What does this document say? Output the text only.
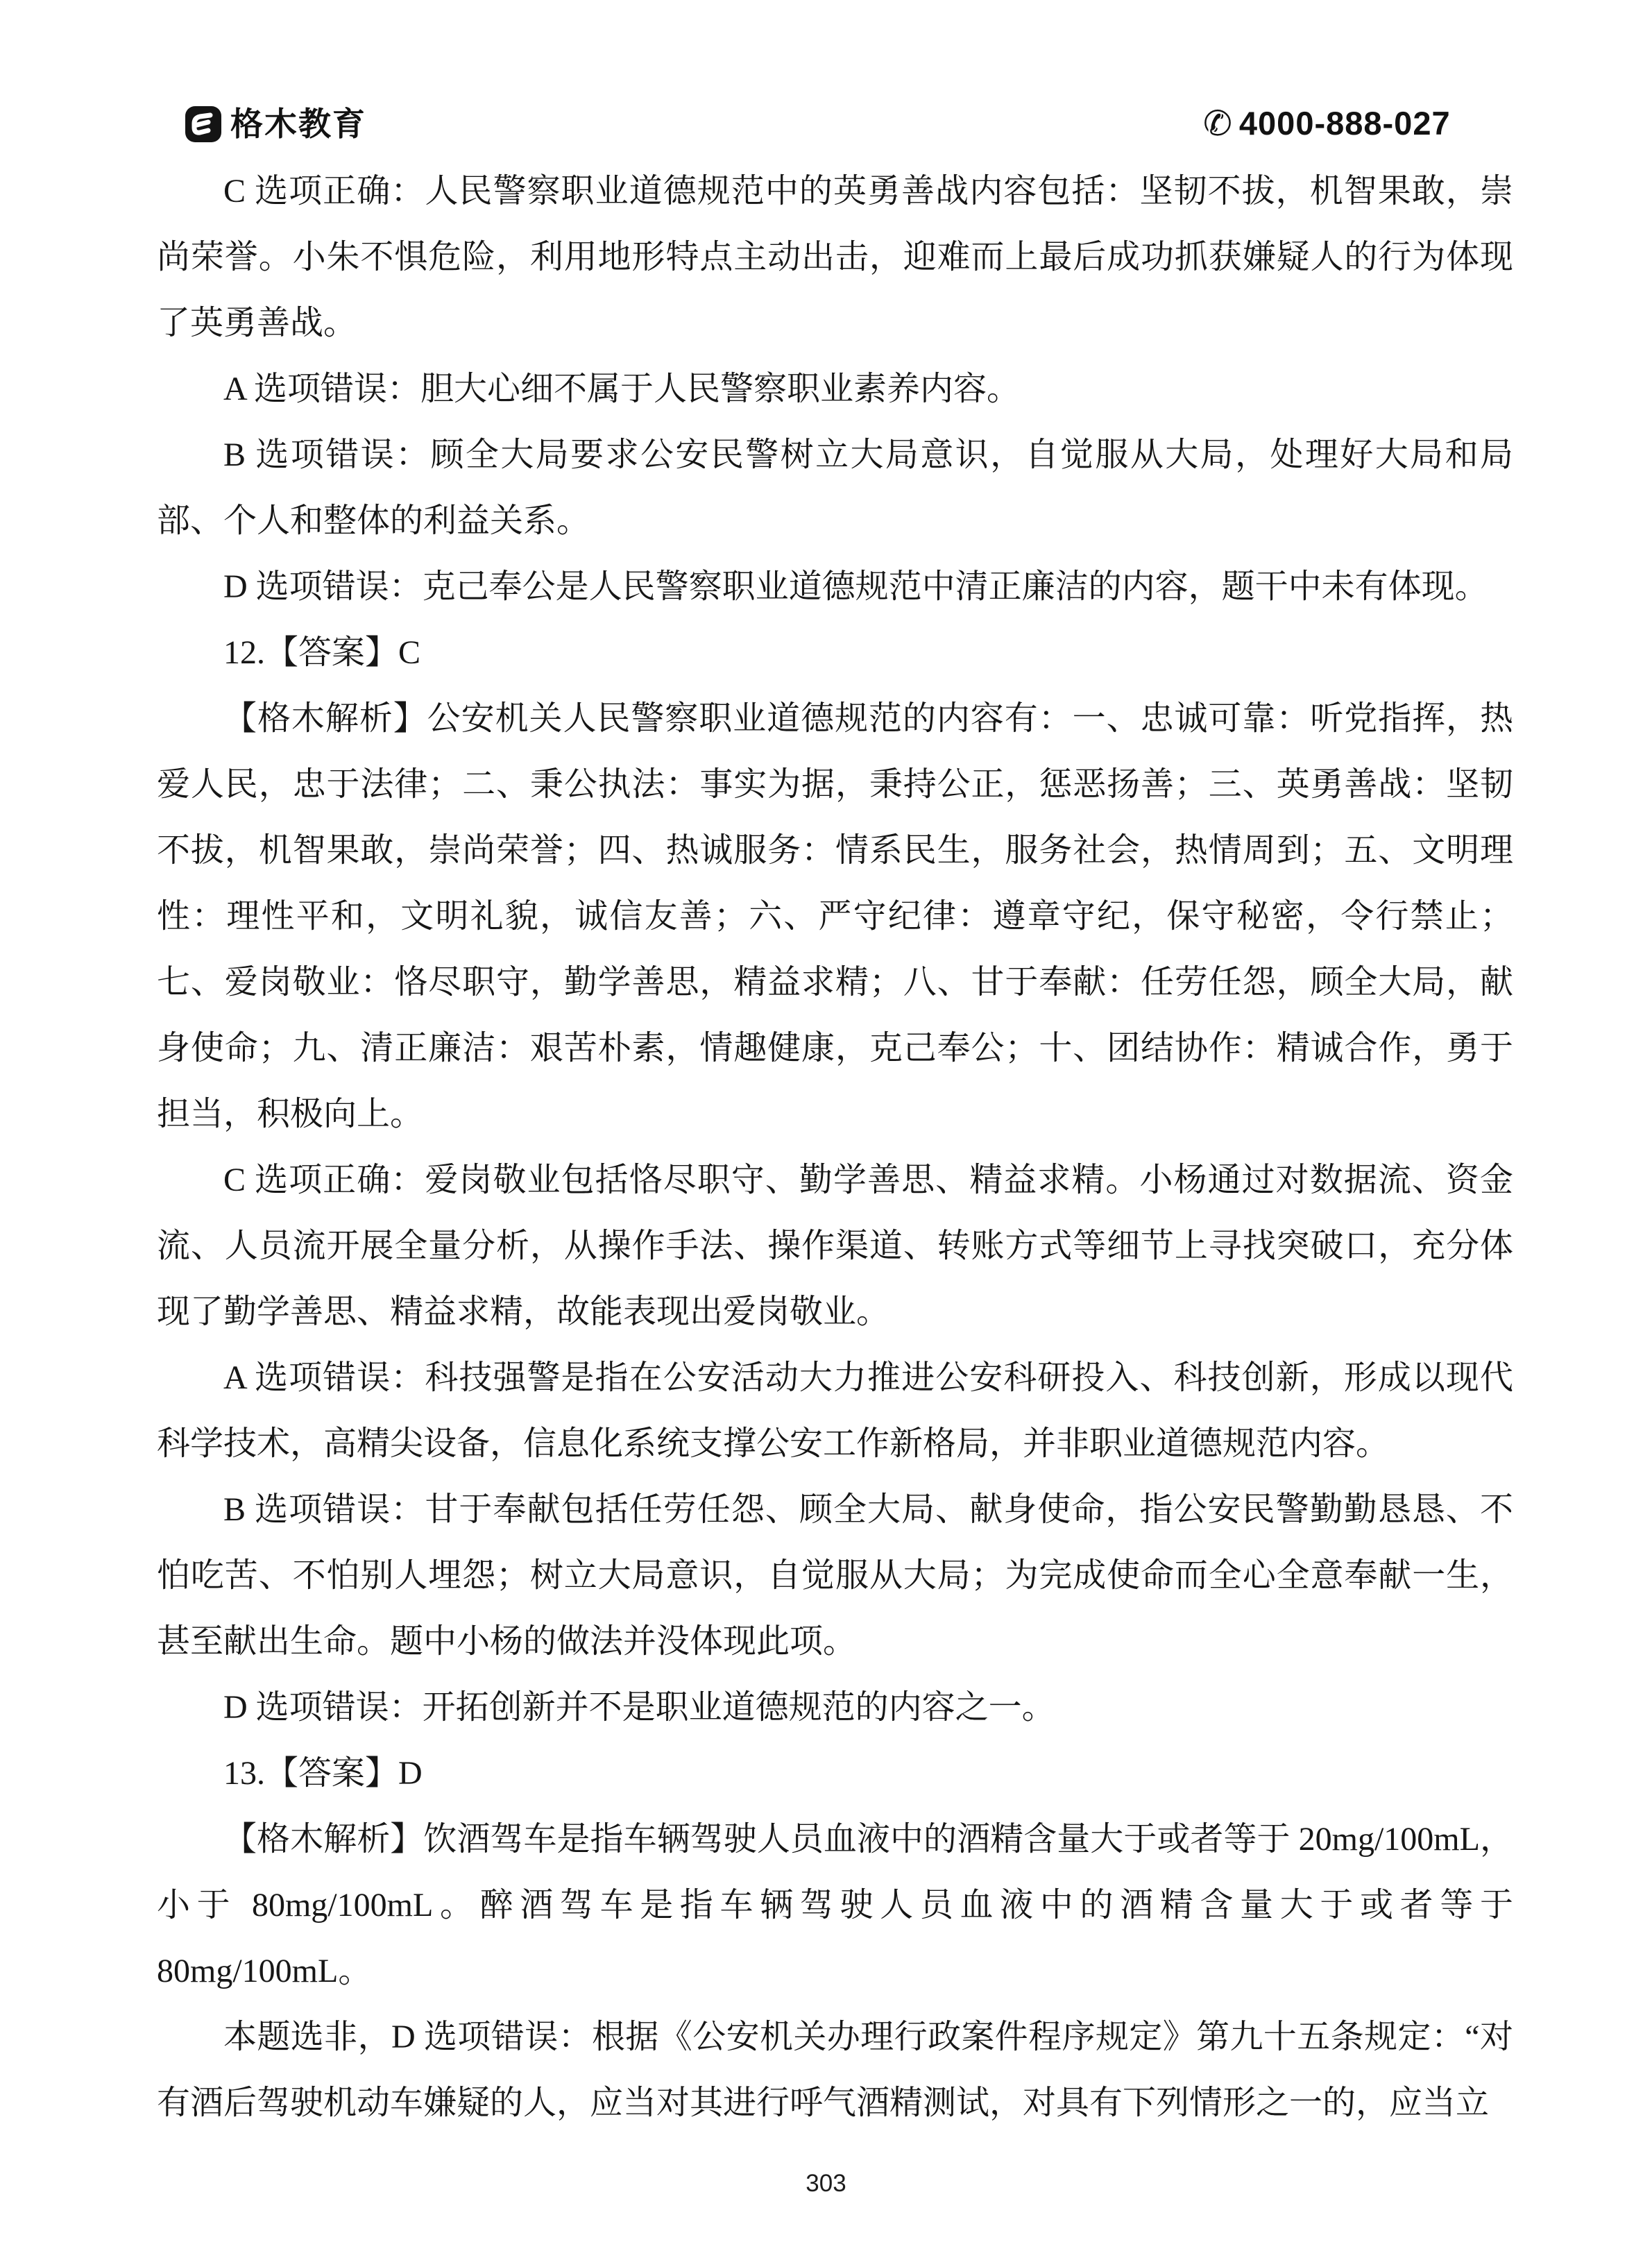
格木教育	✆ 4000-888-027

C 选项正确：人民警察职业道德规范中的英勇善战内容包括：坚韧不拔，机智果敢，崇尚荣誉。小朱不惧危险，利用地形特点主动出击，迎难而上最后成功抓获嫌疑人的行为体现了英勇善战。

A 选项错误：胆大心细不属于人民警察职业素养内容。

B 选项错误：顾全大局要求公安民警树立大局意识，自觉服从大局，处理好大局和局部、个人和整体的利益关系。

D 选项错误：克己奉公是人民警察职业道德规范中清正廉洁的内容，题干中未有体现。

12.【答案】C

【格木解析】公安机关人民警察职业道德规范的内容有：一、忠诚可靠：听党指挥，热爱人民，忠于法律；二、秉公执法：事实为据，秉持公正，惩恶扬善；三、英勇善战：坚韧不拔，机智果敢，崇尚荣誉；四、热诚服务：情系民生，服务社会，热情周到；五、文明理性：理性平和，文明礼貌，诚信友善；六、严守纪律：遵章守纪，保守秘密，令行禁止；七、爱岗敬业：恪尽职守，勤学善思，精益求精；八、甘于奉献：任劳任怨，顾全大局，献身使命；九、清正廉洁：艰苦朴素，情趣健康，克己奉公；十、团结协作：精诚合作，勇于担当，积极向上。

C 选项正确：爱岗敬业包括恪尽职守、勤学善思、精益求精。小杨通过对数据流、资金流、人员流开展全量分析，从操作手法、操作渠道、转账方式等细节上寻找突破口，充分体现了勤学善思、精益求精，故能表现出爱岗敬业。

A 选项错误：科技强警是指在公安活动大力推进公安科研投入、科技创新，形成以现代科学技术，高精尖设备，信息化系统支撑公安工作新格局，并非职业道德规范内容。

B 选项错误：甘于奉献包括任劳任怨、顾全大局、献身使命，指公安民警勤勤恳恳、不怕吃苦、不怕别人埋怨；树立大局意识，自觉服从大局；为完成使命而全心全意奉献一生，甚至献出生命。题中小杨的做法并没体现此项。

D 选项错误：开拓创新并不是职业道德规范的内容之一。

13.【答案】D

【格木解析】饮酒驾车是指车辆驾驶人员血液中的酒精含量大于或者等于 20mg/100mL，小于 80mg/100mL。醉酒驾车是指车辆驾驶人员血液中的酒精含量大于或者等于 80mg/100mL。

本题选非，D 选项错误：根据《公安机关办理行政案件程序规定》第九十五条规定：“对有酒后驾驶机动车嫌疑的人，应当对其进行呼气酒精测试，对具有下列情形之一的，应当立

303
